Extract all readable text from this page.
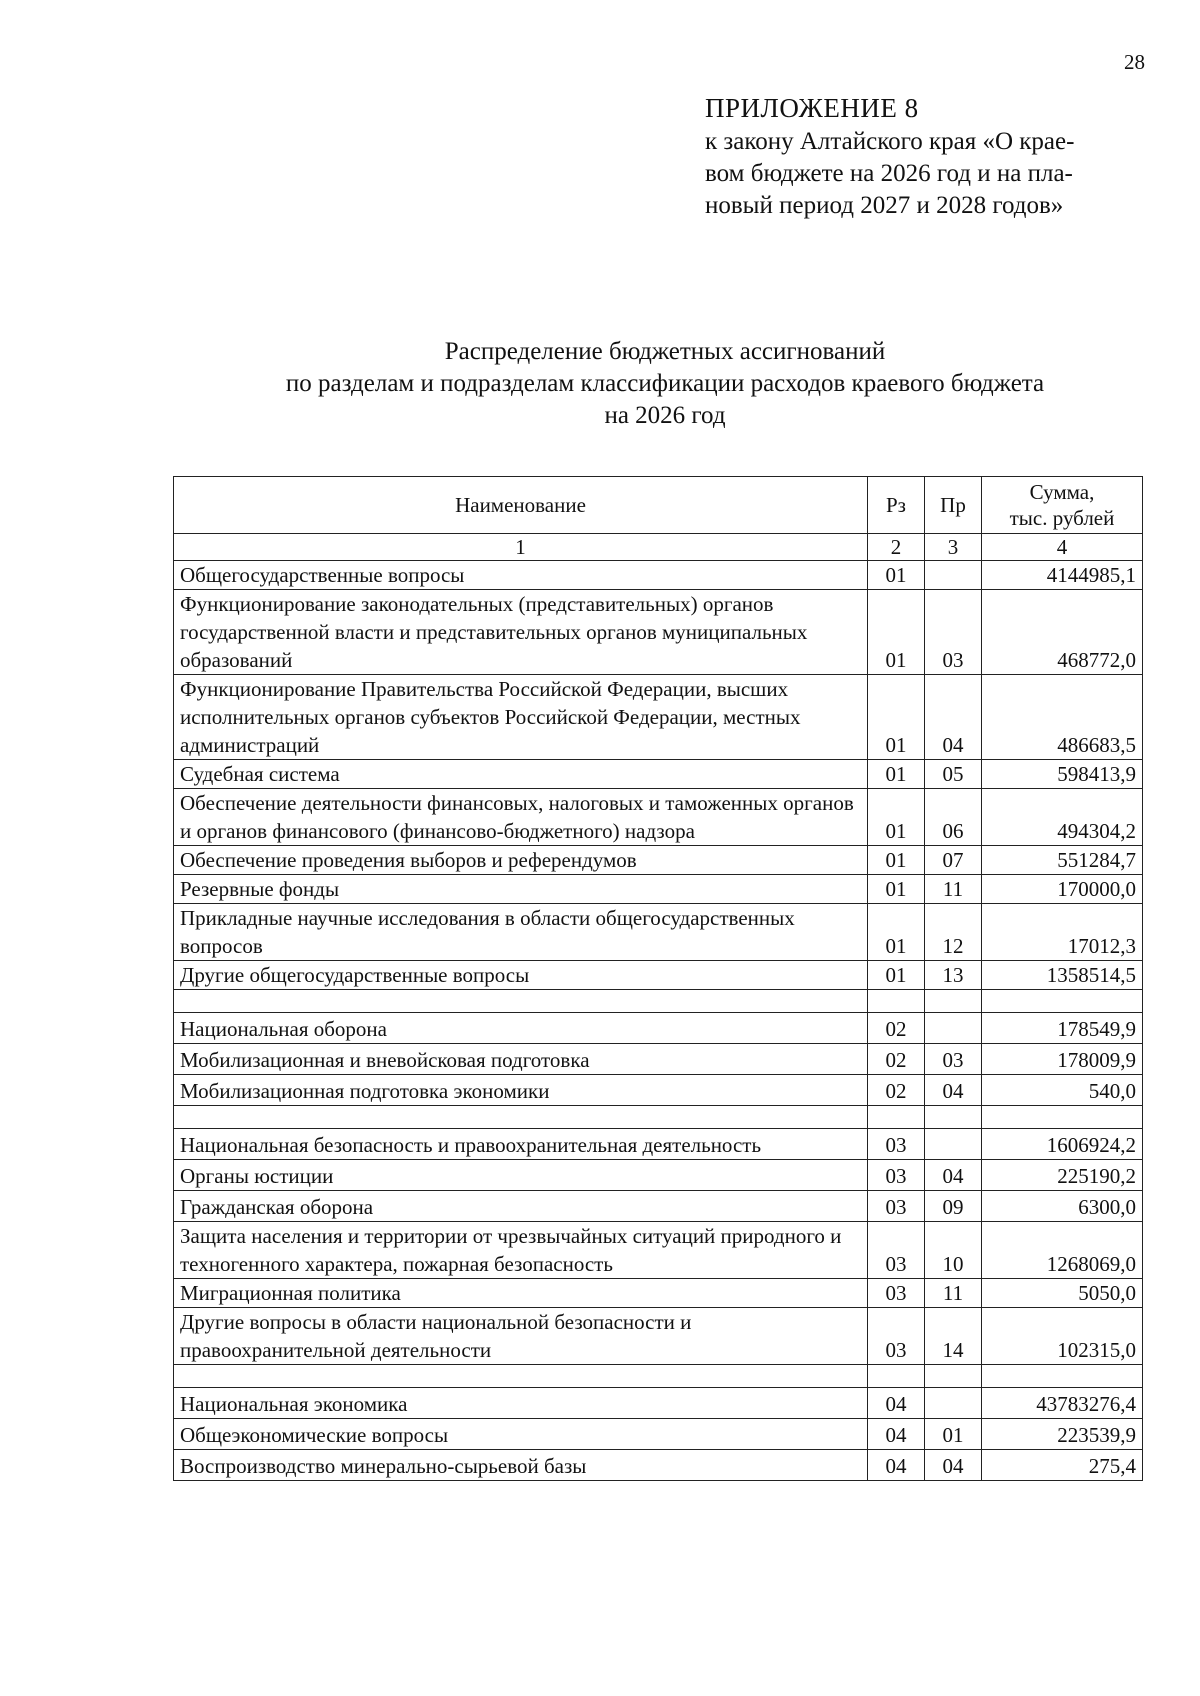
28
ПРИЛОЖЕНИЕ 8
к закону Алтайского края «О крае-
вом бюджете на 2026 год и на пла-
новый период 2027 и 2028 годов»
Распределение бюджетных ассигнований
по разделам и подразделам классификации расходов краевого бюджета
на 2026 год
Наименование	Рз	Пр	Сумма,
тыс. рублей

1	2	3	4
Общегосударственные вопросы	01		4144985,1
Функционирование законодательных (представительных) органов государственной власти и представительных органов муниципальных образований	01	03	468772,0
Функционирование Правительства Российской Федерации, высших исполнительных органов субъектов Российской Федерации, местных администраций	01	04	486683,5
Судебная система	01	05	598413,9
Обеспечение деятельности финансовых, налоговых и таможенных органов и органов финансового (финансово-бюджетного) надзора	01	06	494304,2
Обеспечение проведения выборов и референдумов	01	07	551284,7
Резервные фонды	01	11	170000,0
Прикладные научные исследования в области общегосударственных вопросов	01	12	17012,3
Другие общегосударственные вопросы	01	13	1358514,5

Национальная оборона	02		178549,9
Мобилизационная и вневойсковая подготовка	02	03	178009,9
Мобилизационная подготовка экономики	02	04	540,0

Национальная безопасность и правоохранительная деятельность	03		1606924,2
Органы юстиции	03	04	225190,2
Гражданская оборона	03	09	6300,0
Защита населения и территории от чрезвычайных ситуаций природного и техногенного характера, пожарная безопасность	03	10	1268069,0
Миграционная политика	03	11	5050,0
Другие вопросы в области национальной безопасности и правоохранительной деятельности	03	14	102315,0

Национальная экономика	04		43783276,4
Общеэкономические вопросы	04	01	223539,9
Воспроизводство минерально-сырьевой базы	04	04	275,4
